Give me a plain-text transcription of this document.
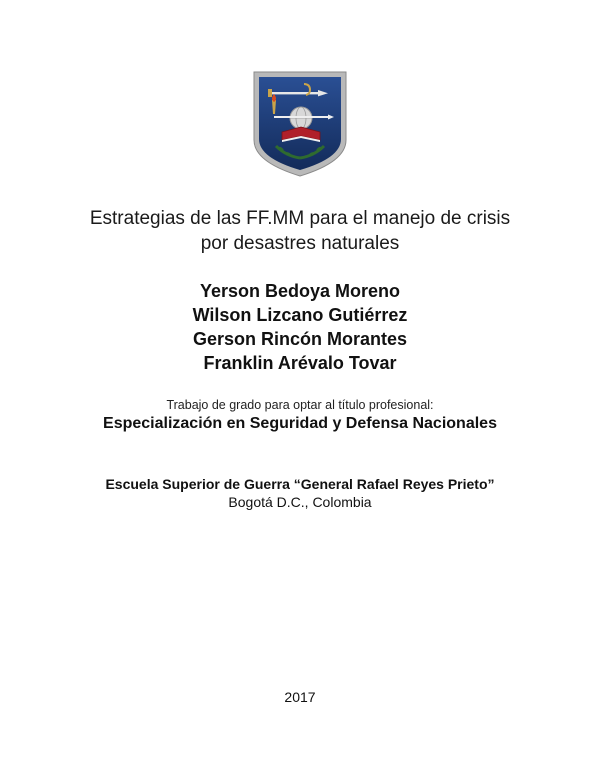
Estrategias de las FF.MM para el manejo de crisis
por desastres naturales
Yerson Bedoya Moreno
Wilson Lizcano Gutiérrez
Gerson Rincón Morantes
Franklin Arévalo Tovar
Trabajo de grado para optar al título profesional:
Especialización en Seguridad y Defensa Nacionales
Escuela Superior de Guerra “General Rafael Reyes Prieto”
Bogotá D.C., Colombia
2017
